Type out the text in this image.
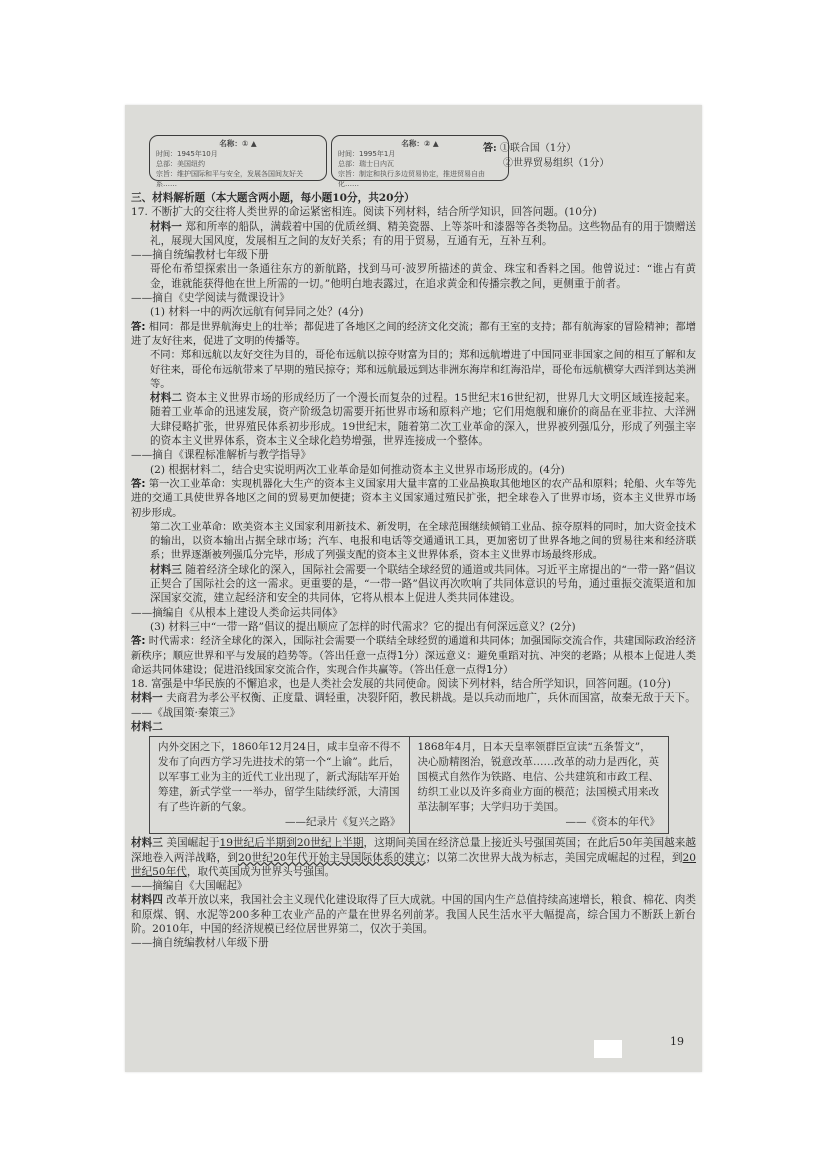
名称：① ▲
时间：1945年10月
总部：美国纽约
宗旨：维护国际和平与安全，发展各国间友好关系……
名称：② ▲
时间：1995年1月
总部：瑞士日内瓦
宗旨：制定和执行多边贸易协定，推进贸易自由化……
答: ①联合国（1分）
②世界贸易组织（1分）

三、材料解析题（本大题含两小题，每小题10分，共20分）

17. 不断扩大的交往将人类世界的命运紧密相连。阅读下列材料，结合所学知识，回答问题。(10分)

材料一 郑和所率的船队，满载着中国的优质丝绸、精美瓷器、上等茶叶和漆器等各类物品。这些物品有的用于馈赠送礼，展现大国风度，发展相互之间的友好关系；有的用于贸易，互通有无，互补互利。

——摘自统编教材七年级下册

哥伦布希望探索出一条通往东方的新航路，找到马可·波罗所描述的黄金、珠宝和香料之国。他曾说过：“谁占有黄金，谁就能获得他在世上所需的一切。”他明白地表露过，在追求黄金和传播宗教之间，更侧重于前者。

——摘自《史学阅读与微课设计》

(1) 材料一中的两次远航有何异同之处？(4分)

答: 相同：都是世界航海史上的壮举；都促进了各地区之间的经济文化交流；都有王室的支持；都有航海家的冒险精神；都增进了友好往来，促进了文明的传播等。

不同：郑和远航以友好交往为目的，哥伦布远航以掠夺财富为目的；郑和远航增进了中国同亚非国家之间的相互了解和友好往来，哥伦布远航带来了早期的殖民掠夺；郑和远航最远到达非洲东海岸和红海沿岸，哥伦布远航横穿大西洋到达美洲等。

材料二 资本主义世界市场的形成经历了一个漫长而复杂的过程。15世纪末16世纪初，世界几大文明区域连接起来。随着工业革命的迅速发展，资产阶级急切需要开拓世界市场和原料产地；它们用炮舰和廉价的商品在亚非拉、大洋洲大肆侵略扩张，世界殖民体系初步形成。19世纪末，随着第二次工业革命的深入，世界被列强瓜分，形成了列强主宰的资本主义世界体系，资本主义全球化趋势增强，世界连接成一个整体。

——摘自《课程标准解析与教学指导》

(2) 根据材料二，结合史实说明两次工业革命是如何推动资本主义世界市场形成的。(4分)

答: 第一次工业革命：实现机器化大生产的资本主义国家用大量丰富的工业品换取其他地区的农产品和原料；轮船、火车等先进的交通工具使世界各地区之间的贸易更加便捷；资本主义国家通过殖民扩张，把全球卷入了世界市场，资本主义世界市场初步形成。

第二次工业革命：欧美资本主义国家利用新技术、新发明，在全球范围继续倾销工业品、掠夺原料的同时，加大资金技术的输出，以资本输出占据全球市场；汽车、电报和电话等交通通讯工具，更加密切了世界各地之间的贸易往来和经济联系；世界逐渐被列强瓜分完毕，形成了列强支配的资本主义世界体系，资本主义世界市场最终形成。

材料三 随着经济全球化的深入，国际社会需要一个联结全球经贸的通道或共同体。习近平主席提出的“一带一路”倡议正契合了国际社会的这一需求。更重要的是，“一带一路”倡议再次吹响了共同体意识的号角，通过重振交流渠道和加深国家交流，建立起经济和安全的共同体，它将从根本上促进人类共同体建设。

——摘编自《从根本上建设人类命运共同体》

(3) 材料三中“一带一路”倡议的提出顺应了怎样的时代需求？它的提出有何深远意义？(2分)

答: 时代需求：经济全球化的深入，国际社会需要一个联结全球经贸的通道和共同体；加强国际交流合作，共建国际政治经济新秩序；顺应世界和平与发展的趋势等。（答出任意一点得1分）深远意义：避免重蹈对抗、冲突的老路；从根本上促进人类命运共同体建设；促进沿线国家交流合作，实现合作共赢等。（答出任意一点得1分）

18. 富强是中华民族的不懈追求，也是人类社会发展的共同使命。阅读下列材料，结合所学知识，回答问题。(10分)

材料一 夫商君为孝公平权衡、正度量、调轻重，决裂阡陌，教民耕战。是以兵动而地广，兵休而国富，故秦无敌于天下。

——《战国策·秦策三》

材料二

内外交困之下，1860年12月24日，咸丰皇帝不得不发布了向西方学习先进技术的第一个“上谕”。此后，以军事工业为主的近代工业出现了，新式海陆军开始筹建，新式学堂一一举办，留学生陆续纾派，大清国有了些许新的气象。
——纪录片《复兴之路》
1868年4月，日本天皇率领群臣宣读“五条誓文”，决心励精图治，锐意改革……改革的动力是西化，英国模式自然作为铁路、电信、公共建筑和市政工程、纺织工业以及许多商业方面的模范；法国模式用来改革法制军事；大学归功于美国。
——《资本的年代》

材料三 美国崛起于19世纪后半期到20世纪上半期，这期间美国在经济总量上接近头号强国英国；在此后50年美国越来越深地卷入两洋战略，到20世纪20年代开始主导国际体系的建立；以第二次世界大战为标志，美国完成崛起的过程，到20世纪50年代，取代英国成为世界头号强国。

——摘编自《大国崛起》

材料四 改革开放以来，我国社会主义现代化建设取得了巨大成就。中国的国内生产总值持续高速增长，粮食、棉花、肉类和原煤、钢、水泥等200多种工农业产品的产量在世界名列前茅。我国人民生活水平大幅提高，综合国力不断跃上新台阶。2010年，中国的经济规模已经位居世界第二，仅次于美国。

——摘自统编教材八年级下册

19
